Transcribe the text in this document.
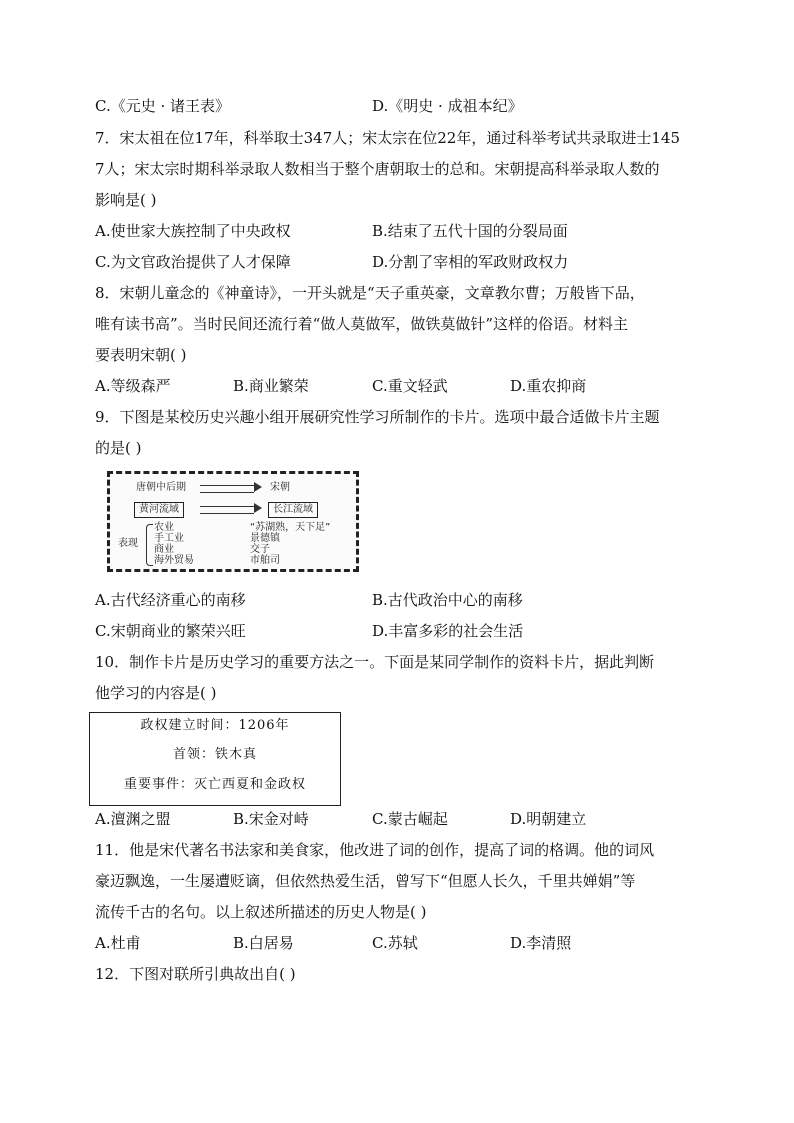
C.《元史 · 诸王表》	D.《明史 · 成祖本纪》
7．宋太祖在位17年，科举取士347人；宋太宗在位22年，通过科举考试共录取进士145
7人；宋太宗时期科举录取人数相当于整个唐朝取士的总和。宋朝提高科举录取人数的
影响是( )
A.使世家大族控制了中央政权	B.结束了五代十国的分裂局面
C.为文官政治提供了人才保障	D.分割了宰相的军政财政权力
8．宋朝儿童念的《神童诗》，一开头就是“天子重英豪，文章教尔曹；万般皆下品，
唯有读书高”。当时民间还流行着“做人莫做军，做铁莫做针”这样的俗语。材料主
要表明宋朝( )
A.等级森严	B.商业繁荣	C.重文轻武	D.重农抑商
9．下图是某校历史兴趣小组开展研究性学习所制作的卡片。选项中最合适做卡片主题
的是( )
唐朝中后期	宋朝
黄河流域	长江流域
表现
农业
手工业
商业
海外贸易
“苏湖熟，天下足”
景德镇
交子
市舶司
A.古代经济重心的南移	B.古代政治中心的南移
C.宋朝商业的繁荣兴旺	D.丰富多彩的社会生活
10．制作卡片是历史学习的重要方法之一。下面是某同学制作的资料卡片，据此判断
他学习的内容是( )
政权建立时间：1206年
首领：铁木真
重要事件：灭亡西夏和金政权
A.澶渊之盟	B.宋金对峙	C.蒙古崛起	D.明朝建立
11．他是宋代著名书法家和美食家，他改进了词的创作，提高了词的格调。他的词风
豪迈飘逸，一生屡遭贬谪，但依然热爱生活，曾写下“但愿人长久，千里共婵娟”等
流传千古的名句。以上叙述所描述的历史人物是( )
A.杜甫	B.白居易	C.苏轼	D.李清照
12．下图对联所引典故出自( )
